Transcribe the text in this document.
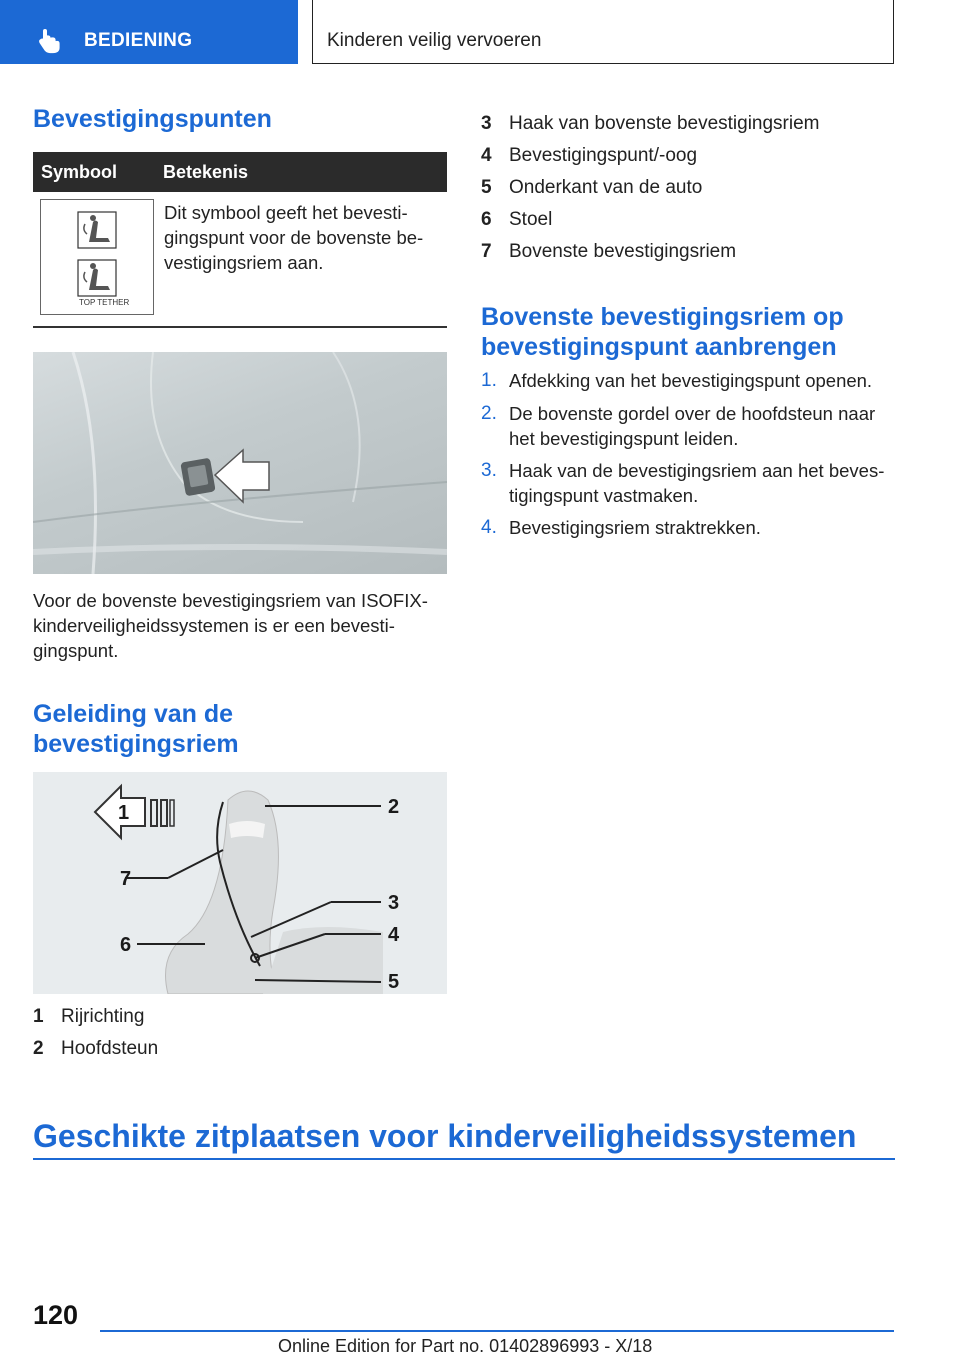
BEDIENING	Kinderen veilig vervoeren
Bevestigingspunten
Symbool	Betekenis
TOP TETHER
Dit symbool geeft het bevesti-
gingspunt voor de bovenste be-
vestigingsriem aan.
Voor de bovenste bevestigingsriem van ISOFIX-
kinderveiligheidssystemen is er een bevesti-
gingspunt.
Geleiding van de
bevestigingsriem
1	2
3
4
5
6
7
1 Rijrichting
2 Hoofdsteun
3 Haak van bovenste bevestigingsriem
4 Bevestigingspunt/-oog
5 Onderkant van de auto
6 Stoel
7 Bovenste bevestigingsriem
Bovenste bevestigingsriem op
bevestigingspunt aanbrengen
1. Afdekking van het bevestigingspunt openen.
2. De bovenste gordel over de hoofdsteun naar
het bevestigingspunt leiden.
3. Haak van de bevestigingsriem aan het beves-
tigingspunt vastmaken.
4. Bevestigingsriem straktrekken.
Geschikte zitplaatsen voor kinderveiligheidssystemen
120
Online Edition for Part no. 01402896993 - X/18
